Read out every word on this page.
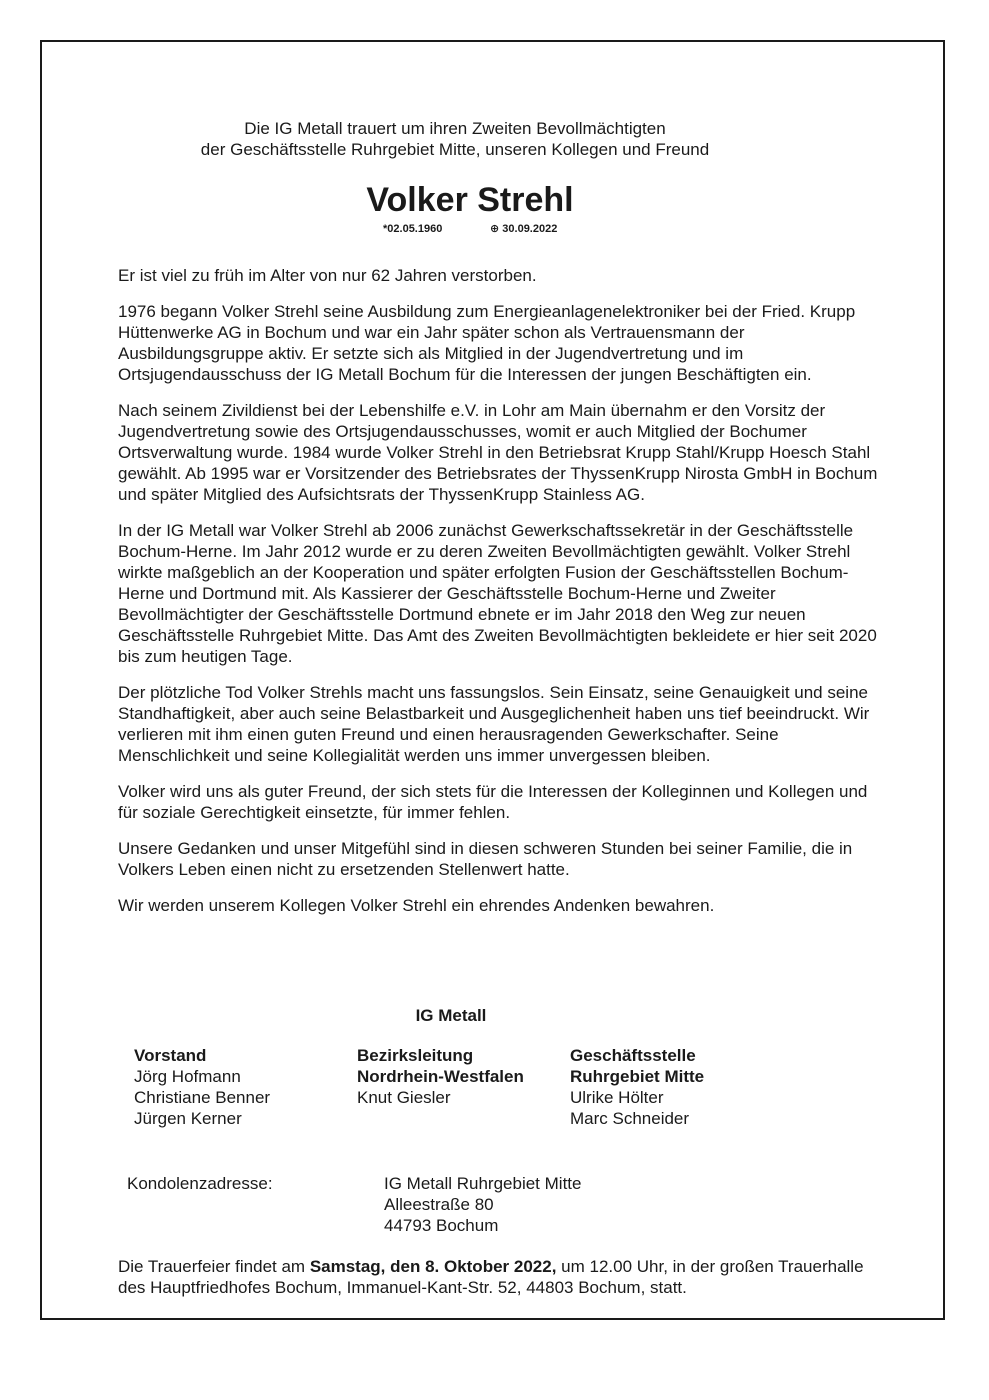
Die IG Metall trauert um ihren Zweiten Bevollmächtigten
der Geschäftsstelle Ruhrgebiet Mitte, unseren Kollegen und Freund
Volker Strehl
*02.05.1960	⊕ 30.09.2022

Er ist viel zu früh im Alter von nur 62 Jahren verstorben.

1976 begann Volker Strehl seine Ausbildung zum Energieanlagenelektroniker bei der Fried. Krupp Hüttenwerke AG in Bochum und war ein Jahr später schon als Vertrauensmann der Ausbildungsgruppe aktiv. Er setzte sich als Mitglied in der Jugendvertretung und im Ortsjugendausschuss der IG Metall Bochum für die Interessen der jungen Beschäftigten ein.

Nach seinem Zivildienst bei der Lebenshilfe e.V. in Lohr am Main übernahm er den Vorsitz der Jugendvertretung sowie des Ortsjugendausschusses, womit er auch Mitglied der Bochumer Ortsverwaltung wurde. 1984 wurde Volker Strehl in den Betriebsrat Krupp Stahl/Krupp Hoesch Stahl gewählt. Ab 1995 war er Vorsitzender des Betriebsrates der ThyssenKrupp Nirosta GmbH in Bochum und später Mitglied des Aufsichtsrats der ThyssenKrupp Stainless AG.

In der IG Metall war Volker Strehl ab 2006 zunächst Gewerkschaftssekretär in der Geschäftsstelle Bochum-Herne. Im Jahr 2012 wurde er zu deren Zweiten Bevollmächtigten gewählt. Volker Strehl wirkte maßgeblich an der Kooperation und später erfolgten Fusion der Geschäftsstellen Bochum-Herne und Dortmund mit. Als Kassierer der Geschäftsstelle Bochum-Herne und Zweiter Bevollmächtigter der Geschäftsstelle Dortmund ebnete er im Jahr 2018 den Weg zur neuen Geschäftsstelle Ruhrgebiet Mitte. Das Amt des Zweiten Bevollmächtigten bekleidete er hier seit 2020 bis zum heutigen Tage.

Der plötzliche Tod Volker Strehls macht uns fassungslos. Sein Einsatz, seine Genauigkeit und seine Standhaftigkeit, aber auch seine Belastbarkeit und Ausgeglichenheit haben uns tief beeindruckt. Wir verlieren mit ihm einen guten Freund und einen herausragenden Gewerkschafter. Seine Menschlichkeit und seine Kollegialität werden uns immer unvergessen bleiben.

Volker wird uns als guter Freund, der sich stets für die Interessen der Kolleginnen und Kollegen und für soziale Gerechtigkeit einsetzte, für immer fehlen.

Unsere Gedanken und unser Mitgefühl sind in diesen schweren Stunden bei seiner Familie, die in Volkers Leben einen nicht zu ersetzenden Stellenwert hatte.

Wir werden unserem Kollegen Volker Strehl ein ehrendes Andenken bewahren.

IG Metall
Vorstand
Jörg Hofmann
Christiane Benner
Jürgen Kerner
Bezirksleitung
Nordrhein-Westfalen
Knut Giesler
Geschäftsstelle
Ruhrgebiet Mitte
Ulrike Hölter
Marc Schneider
Kondolenzadresse:	IG Metall Ruhrgebiet Mitte
Alleestraße 80
44793 Bochum
Die Trauerfeier findet am Samstag, den 8. Oktober 2022, um 12.00 Uhr, in der großen Trauerhalle des Hauptfriedhofes Bochum, Immanuel-Kant-Str. 52, 44803 Bochum, statt.
